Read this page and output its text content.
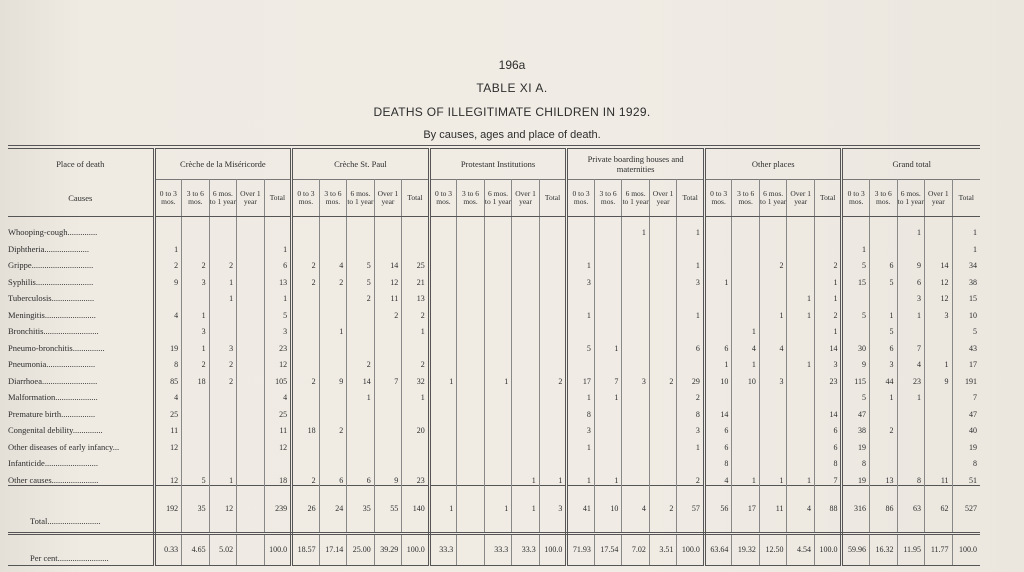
196a
TABLE XI A.
DEATHS OF ILLEGITIMATE CHILDREN IN 1929.
By causes, ages and place of death.

Place of death	Crèche de la Miséricorde					Crèche St. Paul					Protestant Institutions					Private boarding houses and maternities					Other places					Grand total				
Causes	0 to 3 mos.	3 to 6 mos.	6 mos. to 1 year	Over 1 year	Total	0 to 3 mos.	3 to 6 mos.	6 mos. to 1 year	Over 1 year	Total	0 to 3 mos.	3 to 6 mos.	6 mos. to 1 year	Over 1 year	Total	0 to 3 mos.	3 to 6 mos.	6 mos. to 1 year	Over 1 year	Total	0 to 3 mos.	3 to 6 mos.	6 mos. to 1 year	Over 1 year	Total	0 to 3 mos.	3 to 6 mos.	6 mos. to 1 year	Over 1 year	Total
Whooping-cough..............																		1		1								1		1
Diphtheria.....................	1				1																					1				1
Grippe.............................	2	2	2		6	2	4	5	14	25						1				1			2		2	5	6	9	14	34
Syphilis...........................	9	3	1		13	2	2	5	12	21						3				3	1				1	15	5	6	12	38
Tuberculosis....................			1		1			2	11	13														1	1			3	12	15
Meningitis........................	4	1			5				2	2						1				1			1	1	2	5	1	1	3	10
Bronchitis..........................		3			3		1			1												1			1		5			5
Pneumo-bronchitis...............	19	1	3		23											5	1			6	6	4	4		14	30	6	7		43
Pneumonia.......................	8	2	2		12			2		2											1	1		1	3	9	3	4	1	17
Diarrhoea..........................	85	18	2		105	2	9	14	7	32	1		1		2	17	7	3	2	29	10	10	3		23	115	44	23	9	191
Malformation....................	4				4			1		1						1	1			2						5	1	1		7
Premature birth................	25				25											8				8	14				14	47				47
Congenital debility..............	11				11	18	2			20						3				3	6				6	38	2			40
Other diseases of early infancy...	12				12											1				1	6				6	19				19
Infanticide.........................																					8				8	8				8
Other causes......................	12	5	1		18	2	6	6	9	23				1	1	1	1			2	4	1	1	1	7	19	13	8	11	51
Total.........................	192	35	12		239	26	24	35	55	140	1		1	1	3	41	10	4	2	57	56	17	11	4	88	316	86	63	62	527
Per cent........................	0.33	4.65	5.02		100.0	18.57	17.14	25.00	39.29	100.0	33.3		33.3	33.3	100.0	71.93	17.54	7.02	3.51	100.0	63.64	19.32	12.50	4.54	100.0	59.96	16.32	11.95	11.77	100.0
